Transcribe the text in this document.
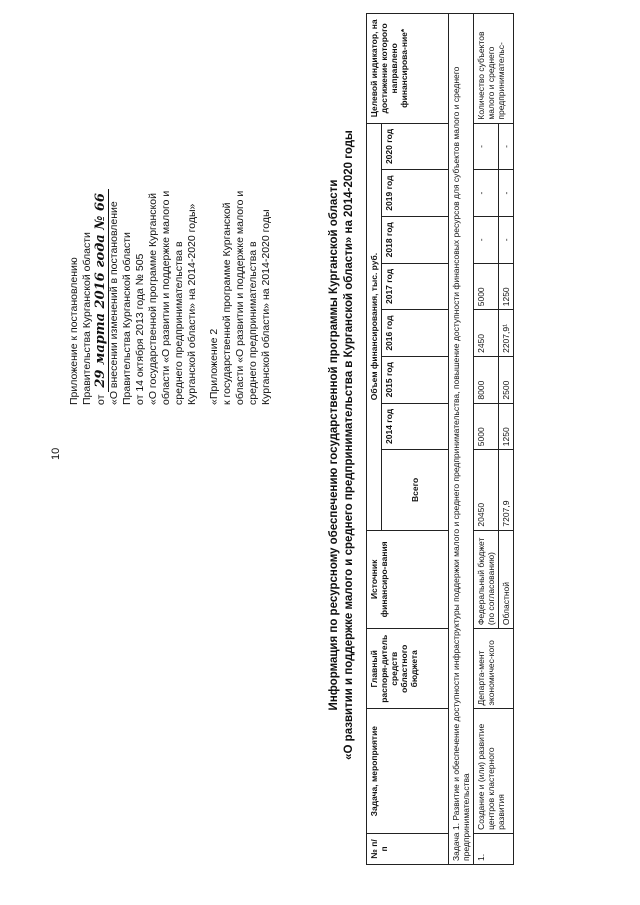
10
Приложение к постановлению Правительства Курганской области от 29 марта 2016 года № 66 «О внесении изменений в постановление Правительства Курганской области от 14 октября 2013 года № 505 «О государственной программе Курганской области «О развитии и поддержке малого и среднего предпринимательства в Курганской области» на 2014-2020 годы» «Приложение 2 к государственной программе Курганской области «О развитии и поддержке малого и среднего предпринимательства в Курганской области» на 2014-2020 годы	Информация по ресурсному обеспечению государственной программы Курганской области «О развитии и поддержке малого и среднего предпринимательства в Курганской области» на 2014-2020 годы
№ п/п	Задача, мероприятие	Главный распоря-дитель средств областного бюджета	Источник финансиро-вания	Объем финансирования, тыс. руб.								Целевой индикатор, на достижение которого направлено финансирова-ние*
				Всего	2014 год	2015 год	2016 год	2017 год	2018 год	2019 год	2020 год	
Задача 1. Развитие и обеспечение доступности инфраструктуры поддержки малого и среднего предпринимательства, повышение доступности финансовых ресурсов для субъектов малого и среднего предпринимательства												
1.	Создание и (или) развитие центров кластерного развития	Департа-мент экономичес-кого	Федеральный бюджет (по согласованию)	20450	5000	8000	2450	5000	-	-	-	Количество субъектов малого и среднего предпринимательс-
			Областной	7207,9	1250	2500	2207,9¹	1250	-	-	-	
